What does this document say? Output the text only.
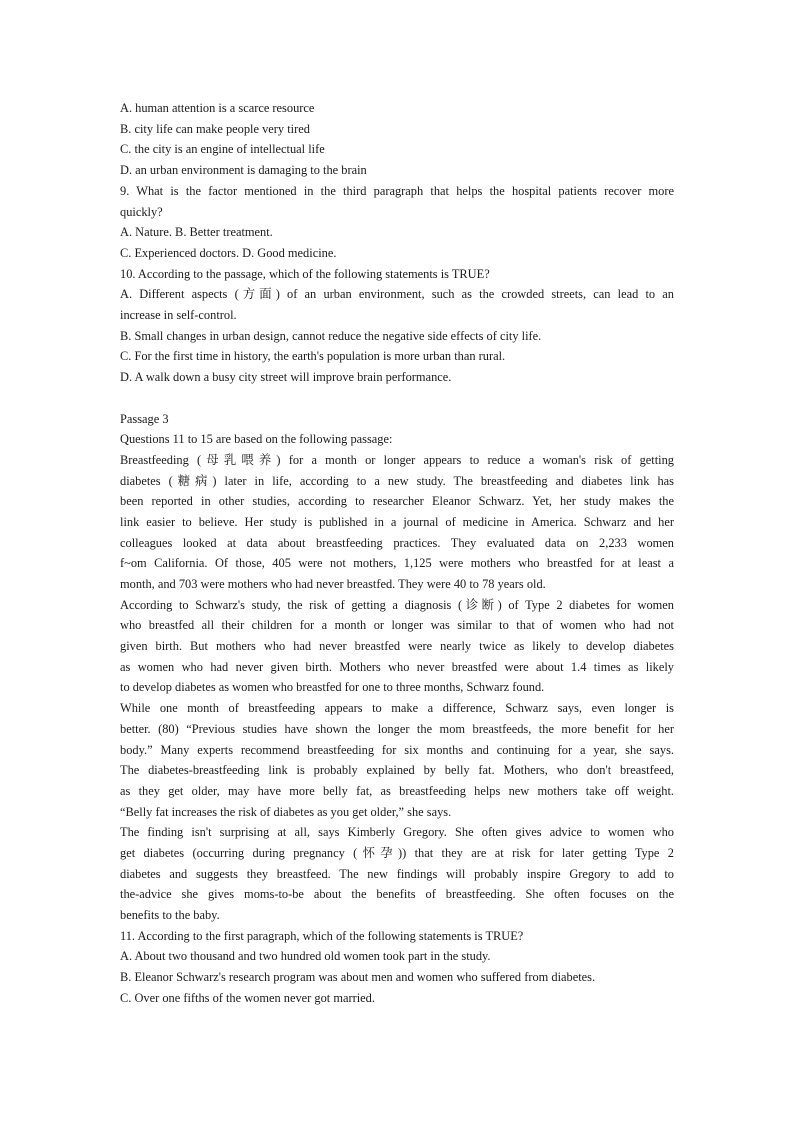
A. human attention is a scarce resource
B. city life can make people very tired
C. the city is an engine of intellectual life
D. an urban environment is damaging to the brain
9. What is the factor mentioned in the third paragraph that helps the hospital patients recover more
quickly?
A. Nature. B. Better treatment.
C. Experienced doctors. D. Good medicine.
10. According to the passage, which of the following statements is TRUE?
A. Different aspects (方面) of an urban environment, such as the crowded streets, can lead to an
increase in self-control.
B. Small changes in urban design, cannot reduce the negative side effects of city life.
C. For the first time in history, the earth's population is more urban than rural.
D. A walk down a busy city street will improve brain performance.
Passage 3
Questions 11 to 15 are based on the following passage:
Breastfeeding (母乳喂养) for a month or longer appears to reduce a woman's risk of getting
diabetes (糖病) later in life, according to a new study. The breastfeeding and diabetes link has
been reported in other studies, according to researcher Eleanor Schwarz. Yet, her study makes the
link easier to believe. Her study is published in a journal of medicine in America. Schwarz and her
colleagues looked at data about breastfeeding practices. They evaluated data on 2,233 women
f~om California. Of those, 405 were not mothers, 1,125 were mothers who breastfed for at least a
month, and 703 were mothers who had never breastfed. They were 40 to 78 years old.
According to Schwarz's study, the risk of getting a diagnosis (诊断) of Type 2 diabetes for women
who breastfed all their children for a month or longer was similar to that of women who had not
given birth. But mothers who had never breastfed were nearly twice as likely to develop diabetes
as women who had never given birth. Mothers who never breastfed were about 1.4 times as likely
to develop diabetes as women who breastfed for one to three months, Schwarz found.
While one month of breastfeeding appears to make a difference, Schwarz says, even longer is
better. (80) “Previous studies have shown the longer the mom breastfeeds, the more benefit for her
body.” Many experts recommend breastfeeding for six months and continuing for a year, she says.
The diabetes-breastfeeding link is probably explained by belly fat. Mothers, who don't breastfeed,
as they get older, may have more belly fat, as breastfeeding helps new mothers take off weight.
“Belly fat increases the risk of diabetes as you get older,” she says.
The finding isn't surprising at all, says Kimberly Gregory. She often gives advice to women who
get diabetes (occurring during pregnancy (怀孕)) that they are at risk for later getting Type 2
diabetes and suggests they breastfeed. The new findings will probably inspire Gregory to add to
the-advice she gives moms-to-be about the benefits of breastfeeding. She often focuses on the
benefits to the baby.
11. According to the first paragraph, which of the following statements is TRUE?
A. About two thousand and two hundred old women took part in the study.
B. Eleanor Schwarz's research program was about men and women who suffered from diabetes.
C. Over one fifths of the women never got married.
